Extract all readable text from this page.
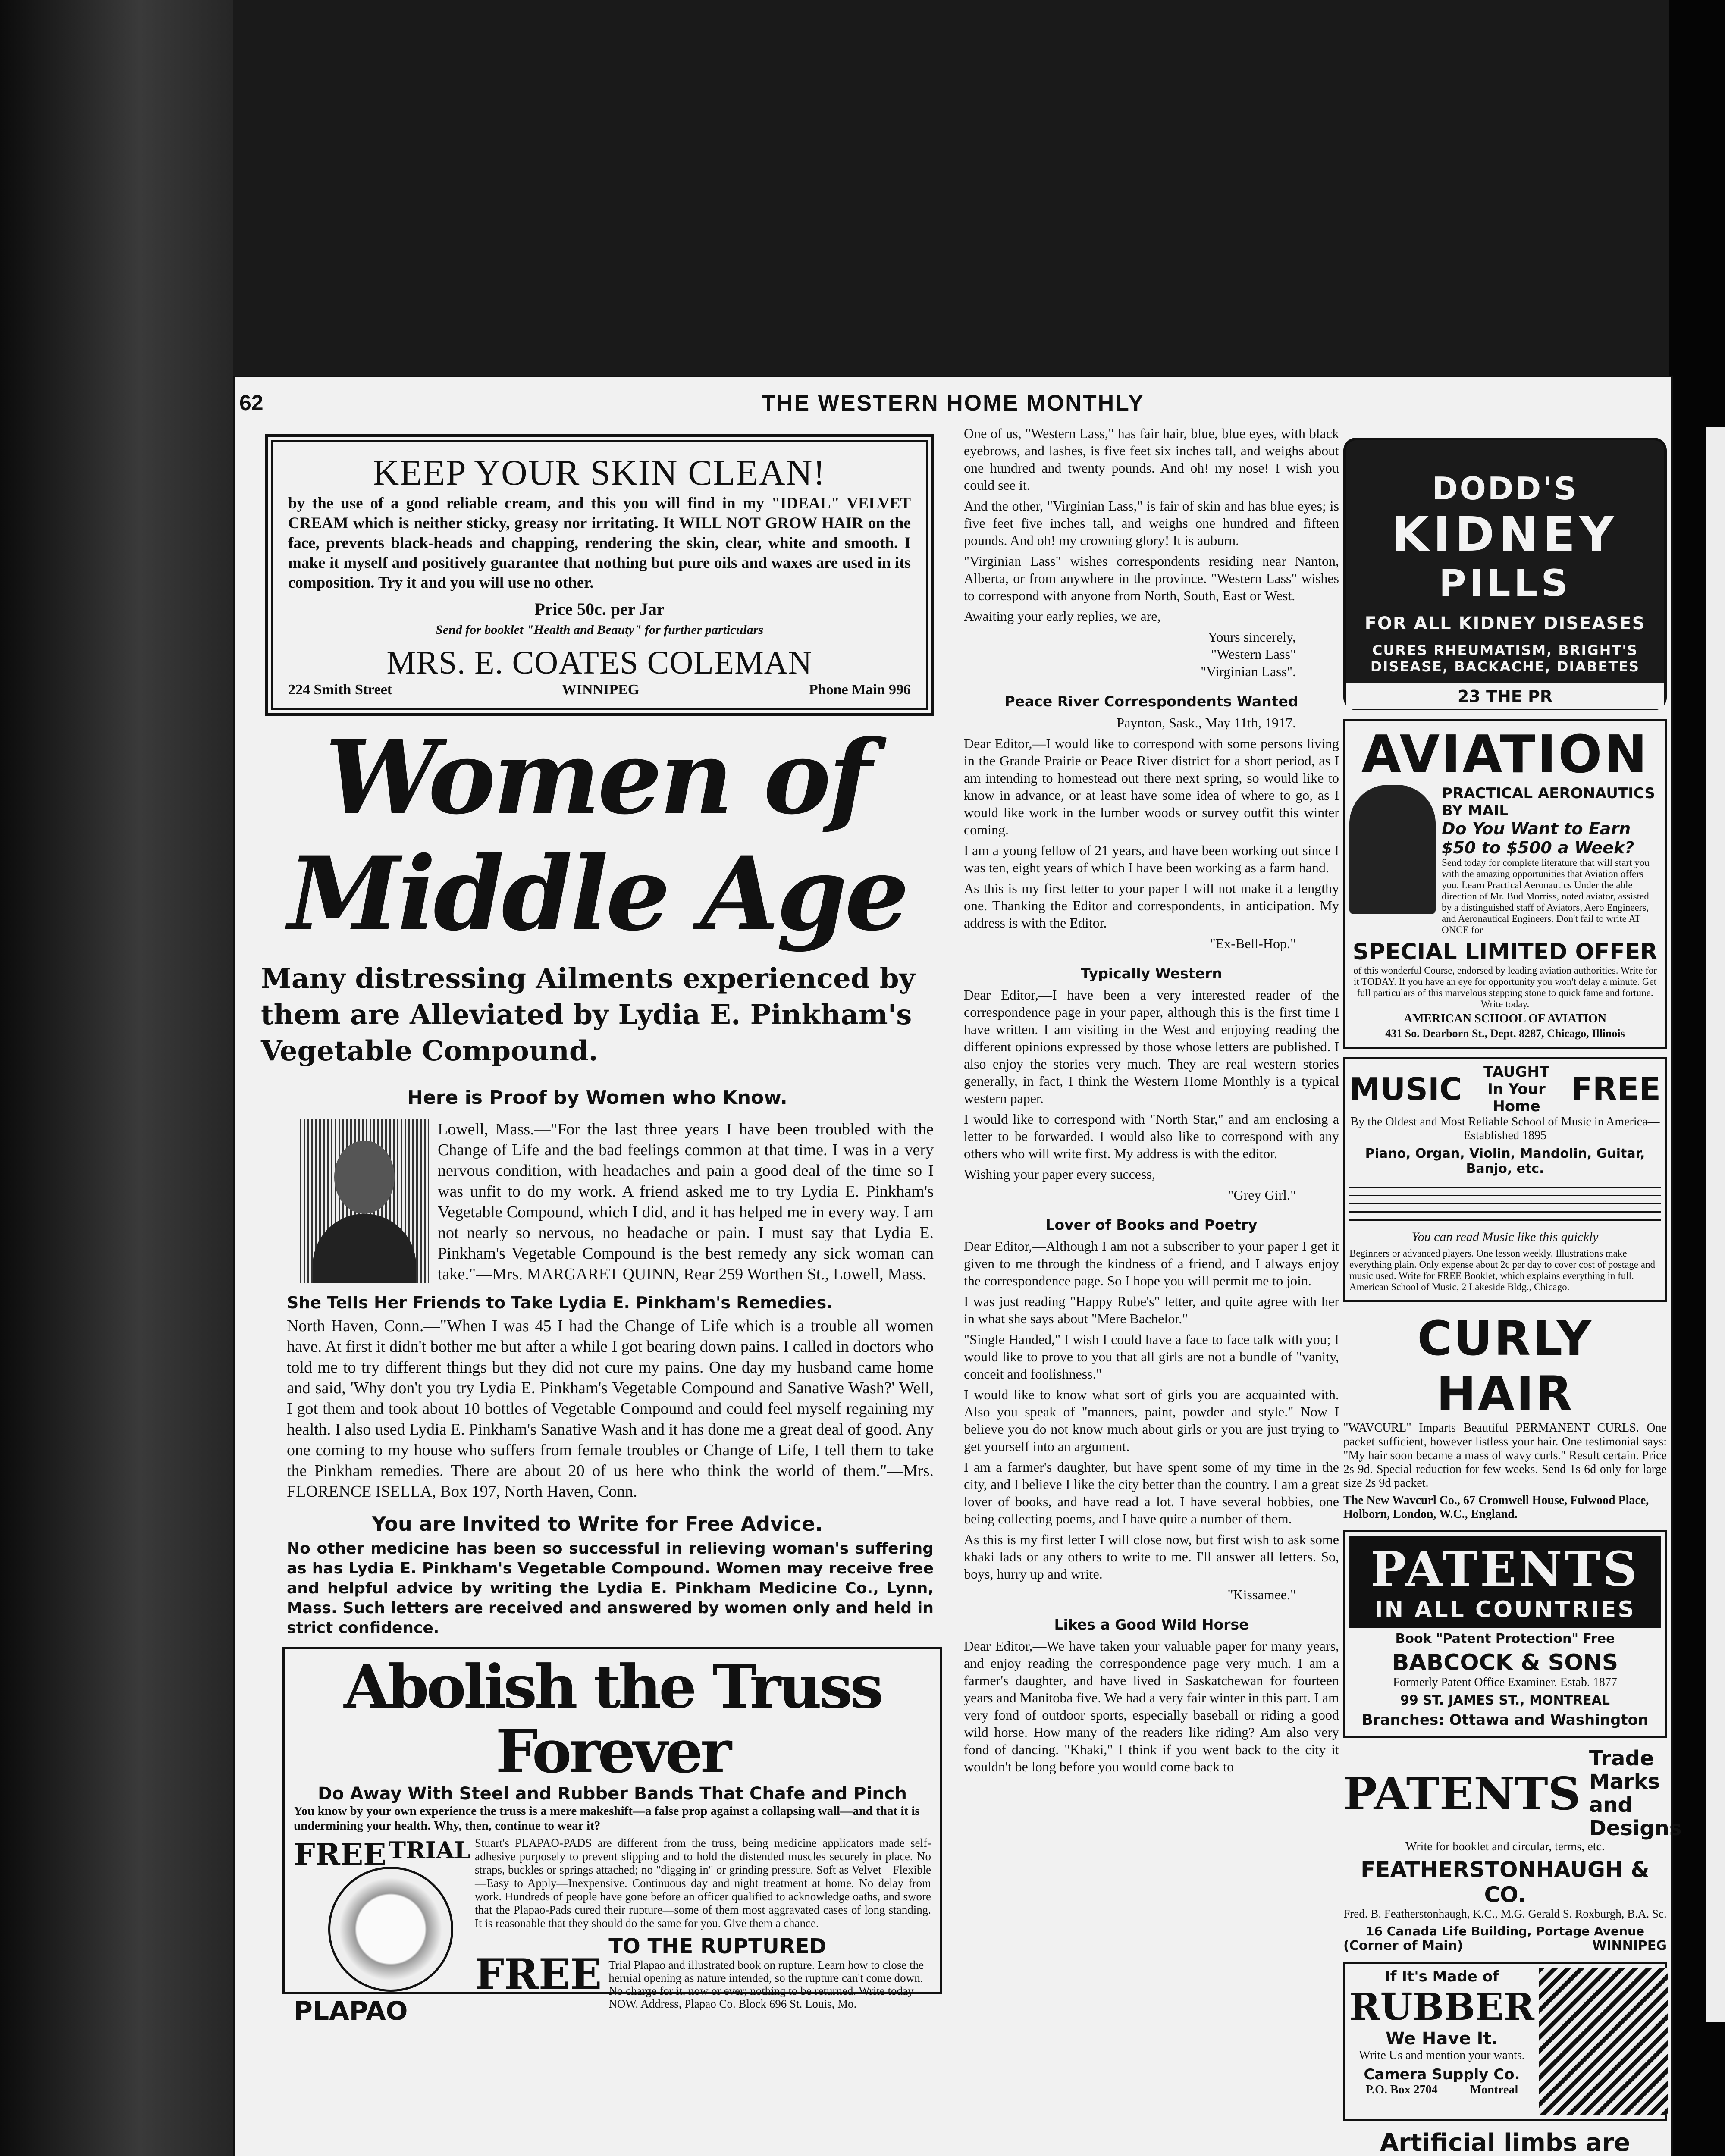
THE WESTERN HOME MONTHLY
62
KEEP YOUR SKIN CLEAN!

by the use of a good reliable cream, and this you will find in my "IDEAL" VELVET CREAM which is neither sticky, greasy nor irritating. It WILL NOT GROW HAIR on the face, prevents black-heads and chapping, rendering the skin, clear, white and smooth. I make it myself and positively guarantee that nothing but pure oils and waxes are used in its composition. Try it and you will use no other.

Price 50c. per Jar

Send for booklet "Health and Beauty" for further particulars

MRS. E. COATES COLEMAN
224 Smith Street	WINNIPEG	Phone Main 996
Women of
Middle Age
Many distressing Ailments experienced by them are Alleviated by Lydia E. Pinkham's Vegetable Compound.
Here is Proof by Women who Know.

Lowell, Mass.—"For the last three years I have been troubled with the Change of Life and the bad feelings common at that time. I was in a very nervous condition, with headaches and pain a good deal of the time so I was unfit to do my work. A friend asked me to try Lydia E. Pinkham's Vegetable Compound, which I did, and it has helped me in every way. I am not nearly so nervous, no headache or pain. I must say that Lydia E. Pinkham's Vegetable Compound is the best remedy any sick woman can take."—Mrs. MARGARET QUINN, Rear 259 Worthen St., Lowell, Mass.

She Tells Her Friends to Take Lydia E. Pinkham's Remedies.

North Haven, Conn.—"When I was 45 I had the Change of Life which is a trouble all women have. At first it didn't bother me but after a while I got bearing down pains. I called in doctors who told me to try different things but they did not cure my pains. One day my husband came home and said, 'Why don't you try Lydia E. Pinkham's Vegetable Compound and Sanative Wash?' Well, I got them and took about 10 bottles of Vegetable Compound and could feel myself regaining my health. I also used Lydia E. Pinkham's Sanative Wash and it has done me a great deal of good. Any one coming to my house who suffers from female troubles or Change of Life, I tell them to take the Pinkham remedies. There are about 20 of us here who think the world of them."—Mrs. FLORENCE ISELLA, Box 197, North Haven, Conn.

You are Invited to Write for Free Advice.

No other medicine has been so successful in relieving woman's suffering as has Lydia E. Pinkham's Vegetable Compound. Women may receive free and helpful advice by writing the Lydia E. Pinkham Medicine Co., Lynn, Mass. Such letters are received and answered by women only and held in strict confidence.

Abolish the Truss Forever
Do Away With Steel and Rubber Bands That Chafe and Pinch

You know by your own experience the truss is a mere makeshift—a false prop against a collapsing wall—and that it is undermining your health. Why, then, continue to wear it?

FREE TRIAL
PLAPAO

Stuart's PLAPAO-PADS are different from the truss, being medicine applicators made self-adhesive purposely to prevent slipping and to hold the distended muscles securely in place. No straps, buckles or springs attached; no "digging in" or grinding pressure. Soft as Velvet—Flexible—Easy to Apply—Inexpensive. Continuous day and night treatment at home. No delay from work. Hundreds of people have gone before an officer qualified to acknowledge oaths, and swore that the Plapao-Pads cured their rupture—some of them most aggravated cases of long standing. It is reasonable that they should do the same for you. Give them a chance.

FREE
TO THE RUPTURED

Trial Plapao and illustrated book on rupture. Learn how to close the hernial opening as nature intended, so the rupture can't come down. No charge for it, now or ever; nothing to be returned. Write today—NOW. Address, Plapao Co. Block 696 St. Louis, Mo.

One of us, "Western Lass," has fair hair, blue, blue eyes, with black eyebrows, and lashes, is five feet six inches tall, and weighs about one hundred and twenty pounds. And oh! my nose! I wish you could see it.

And the other, "Virginian Lass," is fair of skin and has blue eyes; is five feet five inches tall, and weighs one hundred and fifteen pounds. And oh! my crowning glory! It is auburn.

"Virginian Lass" wishes correspondents residing near Nanton, Alberta, or from anywhere in the province. "Western Lass" wishes to correspond with anyone from North, South, East or West.

Awaiting your early replies, we are,

Yours sincerely,

"Western Lass"

"Virginian Lass".

Peace River Correspondents Wanted

Paynton, Sask., May 11th, 1917.

Dear Editor,—I would like to correspond with some persons living in the Grande Prairie or Peace River district for a short period, as I am intending to homestead out there next spring, so would like to know in advance, or at least have some idea of where to go, as I would like work in the lumber woods or survey outfit this winter coming.

I am a young fellow of 21 years, and have been working out since I was ten, eight years of which I have been working as a farm hand.

As this is my first letter to your paper I will not make it a lengthy one. Thanking the Editor and correspondents, in anticipation. My address is with the Editor.

"Ex-Bell-Hop."

Typically Western

Dear Editor,—I have been a very interested reader of the correspondence page in your paper, although this is the first time I have written. I am visiting in the West and enjoying reading the different opinions expressed by those whose letters are published. I also enjoy the stories very much. They are real western stories generally, in fact, I think the Western Home Monthly is a typical western paper.

I would like to correspond with "North Star," and am enclosing a letter to be forwarded. I would also like to correspond with any others who will write first. My address is with the editor.

Wishing your paper every success,

"Grey Girl."

Lover of Books and Poetry

Dear Editor,—Although I am not a subscriber to your paper I get it given to me through the kindness of a friend, and I always enjoy the correspondence page. So I hope you will permit me to join.

I was just reading "Happy Rube's" letter, and quite agree with her in what she says about "Mere Bachelor."

"Single Handed," I wish I could have a face to face talk with you; I would like to prove to you that all girls are not a bundle of "vanity, conceit and foolishness."

I would like to know what sort of girls you are acquainted with. Also you speak of "manners, paint, powder and style." Now I believe you do not know much about girls or you are just trying to get yourself into an argument.

I am a farmer's daughter, but have spent some of my time in the city, and I believe I like the city better than the country. I am a great lover of books, and have read a lot. I have several hobbies, one being collecting poems, and I have quite a number of them.

As this is my first letter I will close now, but first wish to ask some khaki lads or any others to write to me. I'll answer all letters. So, boys, hurry up and write.

"Kissamee."

Likes a Good Wild Horse

Dear Editor,—We have taken your valuable paper for many years, and enjoy reading the correspondence page very much. I am a farmer's daughter, and have lived in Saskatchewan for fourteen years and Manitoba five. We had a very fair winter in this part. I am very fond of outdoor sports, especially baseball or riding a good wild horse. How many of the readers like riding? Am also very fond of dancing. "Khaki," I think if you went back to the city it wouldn't be long before you would come back to

DODD'S
KIDNEY
PILLS
FOR ALL KIDNEY DISEASES
CURES RHEUMATISM, BRIGHT'S DISEASE, BACKACHE, DIABETES
23 THE PR
AVIATION
PRACTICAL AERONAUTICS BY MAIL
Do You Want to Earn $50 to $500 a Week?

Send today for complete literature that will start you with the amazing opportunities that Aviation offers you. Learn Practical Aeronautics Under the able direction of Mr. Bud Morriss, noted aviator, assisted by a distinguished staff of Aviators, Aero Engineers, and Aeronautical Engineers. Don't fail to write AT ONCE for

SPECIAL LIMITED OFFER

of this wonderful Course, endorsed by leading aviation authorities. Write for it TODAY. If you have an eye for opportunity you won't delay a minute. Get full particulars of this marvelous stepping stone to quick fame and fortune. Write today.

AMERICAN SCHOOL OF AVIATION

431 So. Dearborn St., Dept. 8287, Chicago, Illinois

MUSIC	TAUGHT
In Your Home FREE

By the Oldest and Most Reliable School of Music in America—Established 1895

Piano, Organ, Violin, Mandolin, Guitar, Banjo, etc.

You can read Music like this quickly

Beginners or advanced players. One lesson weekly. Illustrations make everything plain. Only expense about 2c per day to cover cost of postage and music used. Write for FREE Booklet, which explains everything in full. American School of Music, 2 Lakeside Bldg., Chicago.

CURLY HAIR

"WAVCURL" Imparts Beautiful PERMANENT CURLS. One packet sufficient, however listless your hair. One testimonial says: "My hair soon became a mass of wavy curls." Result certain. Price 2s 9d. Special reduction for few weeks. Send 1s 6d only for large size 2s 9d packet.

The New Wavcurl Co., 67 Cromwell House, Fulwood Place, Holborn, London, W.C., England.

PATENTS
IN ALL COUNTRIES

Book "Patent Protection" Free

BABCOCK & SONS

Formerly Patent Office Examiner. Estab. 1877

99 ST. JAMES ST., MONTREAL

Branches: Ottawa and Washington

PATENTS
Trade Marks
and Designs

Write for booklet and circular, terms, etc.

FEATHERSTONHAUGH & CO.

Fred. B. Featherstonhaugh, K.C., M.G. Gerald S. Roxburgh, B.A. Sc.

16 Canada Life Building, Portage Avenue

(Corner of Main)	WINNIPEG
If It's Made of
RUBBER
We Have It.
Write Us and mention your wants.
Camera Supply Co.
P.O. Box 2704	Montreal
Artificial limbs are
